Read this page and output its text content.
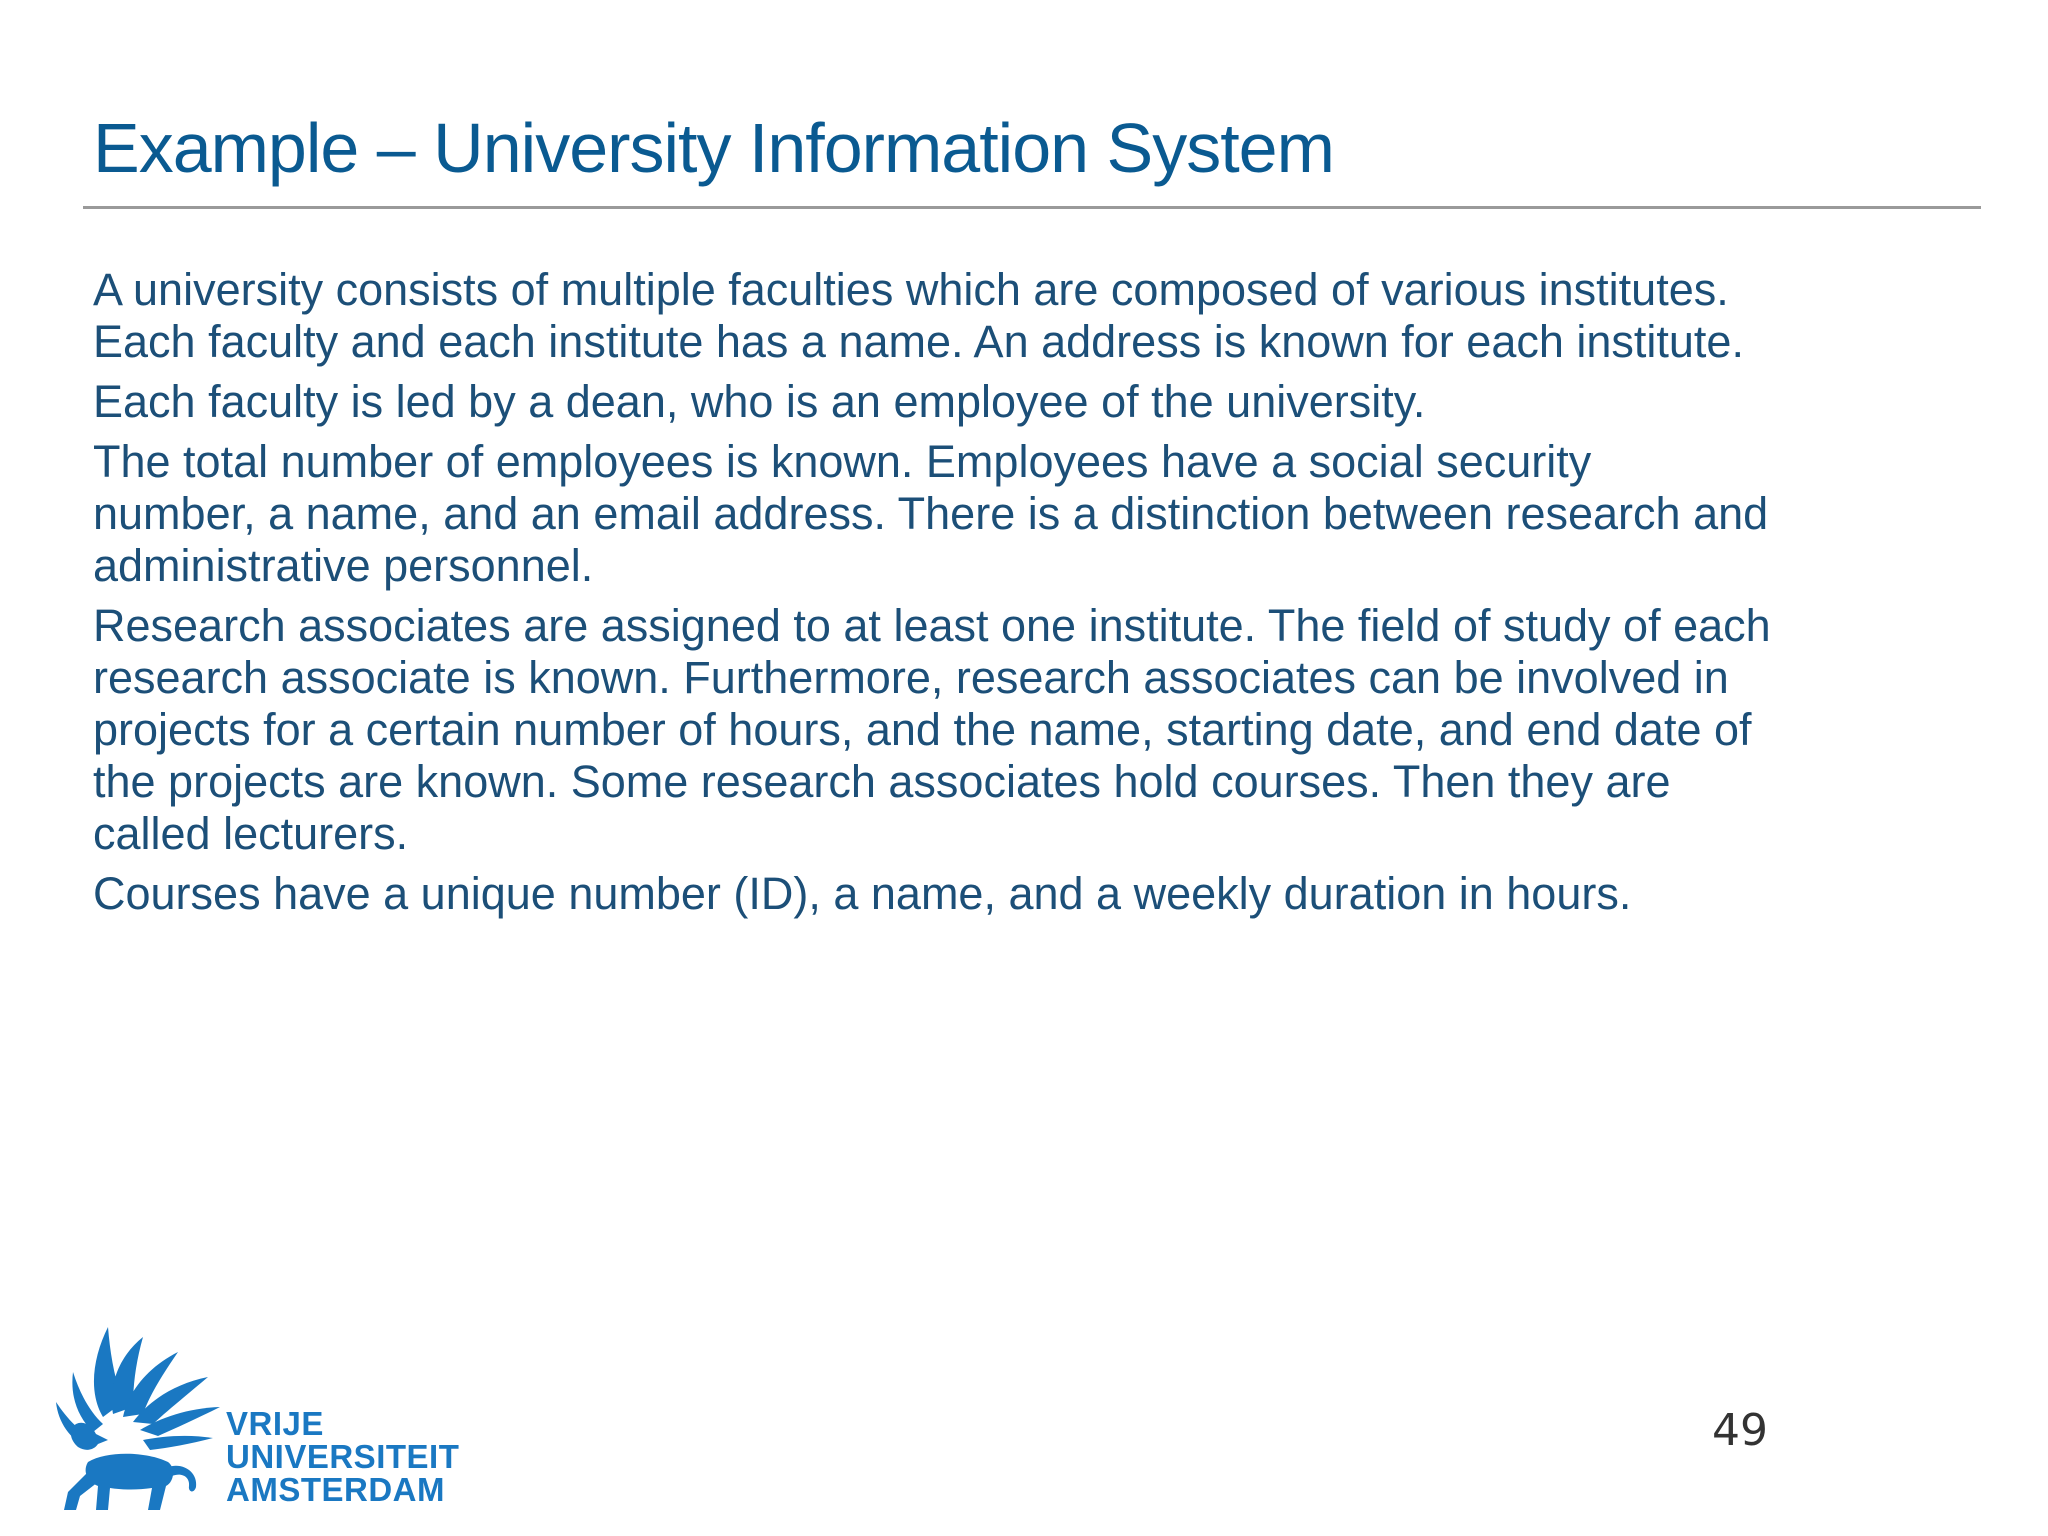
Example – University Information System

A university consists of multiple faculties which are composed of various institutes.
Each faculty and each institute has a name. An address is known for each institute.

Each faculty is led by a dean, who is an employee of the university.

The total number of employees is known. Employees have a social security
number, a name, and an email address. There is a distinction between research and
administrative personnel.

Research associates are assigned to at least one institute. The field of study of each
research associate is known. Furthermore, research associates can be involved in
projects for a certain number of hours, and the name, starting date, and end date of
the projects are known. Some research associates hold courses. Then they are
called lecturers.

Courses have a unique number (ID), a name, and a weekly duration in hours.

49
VRIJE
UNIVERSITEIT
AMSTERDAM
